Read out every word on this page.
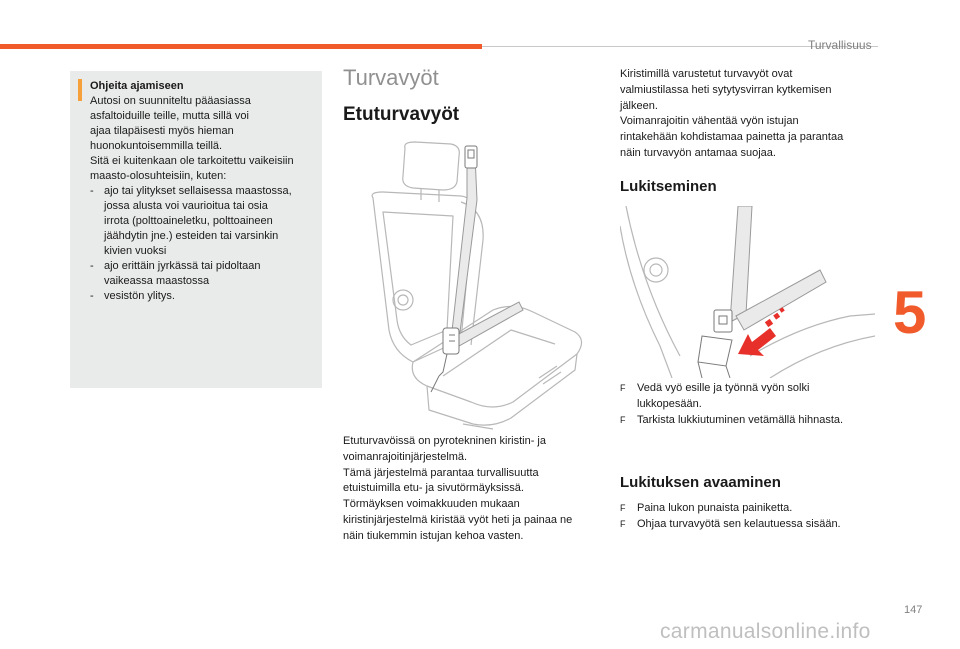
Turvallisuus
Ohjeita ajamiseen
Autosi on suunniteltu pääasiassa
asfaltoiduille teille, mutta sillä voi
ajaa tilapäisesti myös hieman
huonokuntoisemmilla teillä.
Sitä ei kuitenkaan ole tarkoitettu vaikeisiin
maasto-olosuhteisiin, kuten:
- ajo tai ylitykset sellaisessa maastossa,
jossa alusta voi vaurioitua tai osia
irrota (polttoaineletku, polttoaineen
jäähdytin jne.) esteiden tai varsinkin
kivien vuoksi
- ajo erittäin jyrkässä tai pidoltaan
vaikeassa maastossa
- vesistön ylitys.
Turvavyöt
Etuturvavyöt
Etuturvavöissä on pyrotekninen kiristin- ja
voimanrajoitinjärjestelmä.
Tämä järjestelmä parantaa turvallisuutta
etuistuimilla etu- ja sivutörmäyksissä.
Törmäyksen voimakkuuden mukaan
kiristinjärjestelmä kiristää vyöt heti ja painaa ne
näin tiukemmin istujan kehoa vasten.
Kiristimillä varustetut turvavyöt ovat
valmiustilassa heti sytytysvirran kytkemisen
jälkeen.
Voimanrajoitin vähentää vyön istujan
rintakehään kohdistamaa painetta ja parantaa
näin turvavyön antamaa suojaa.
Lukitseminen
F	Vedä vyö esille ja työnnä vyön solki
lukkopesään.
F	Tarkista lukkiutuminen vetämällä hihnasta.
Lukituksen avaaminen
F	Paina lukon punaista painiketta.
F	Ohjaa turvavyötä sen kelautuessa sisään.
5
147
carmanualsonline.info
